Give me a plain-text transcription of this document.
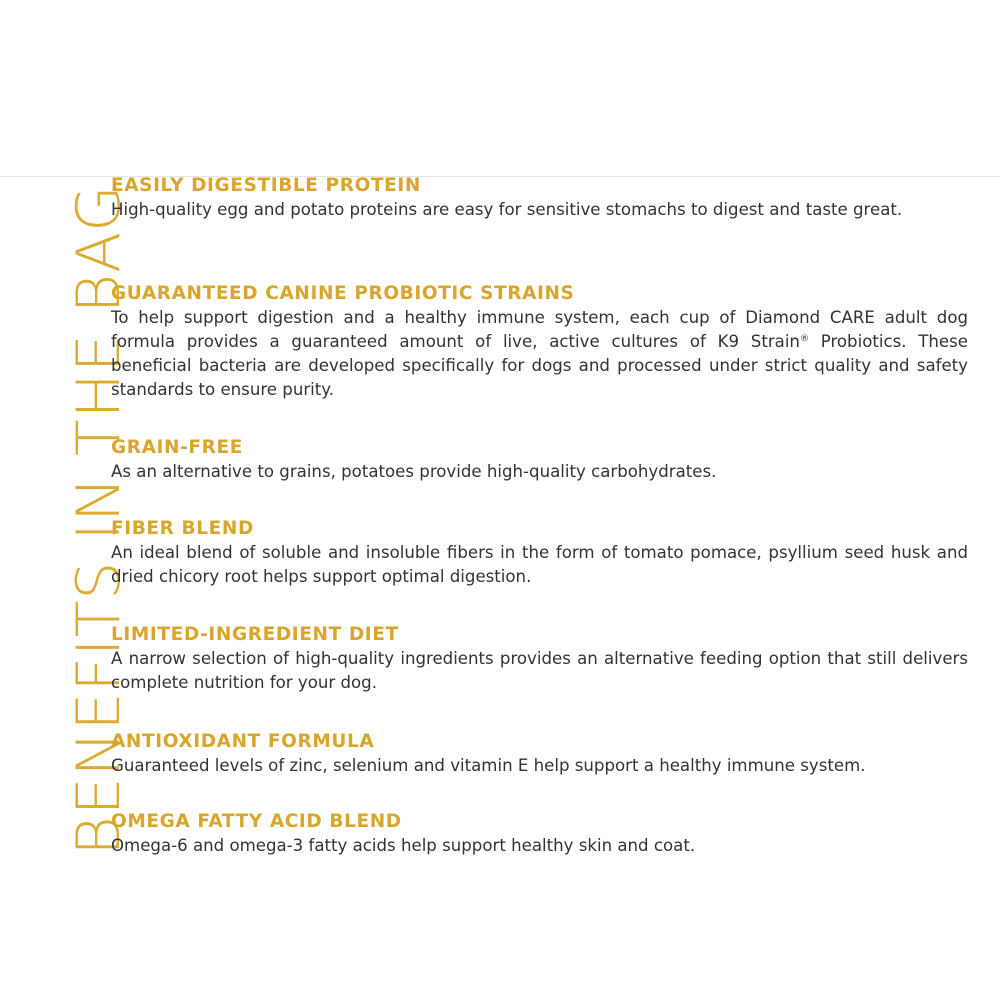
BENEFITS IN THE BAG
EASILY DIGESTIBLE PROTEIN
High-quality egg and potato proteins are easy for sensitive stomachs to digest and taste great.
GUARANTEED CANINE PROBIOTIC STRAINS
To help support digestion and a healthy immune system, each cup of Diamond CARE adult dog formula provides a guaranteed amount of live, active cultures of K9 Strain® Probiotics. These beneficial bacteria are developed specifically for dogs and processed under strict quality and safety standards to ensure purity.
GRAIN-FREE
As an alternative to grains, potatoes provide high-quality carbohydrates.
FIBER BLEND
An ideal blend of soluble and insoluble fibers in the form of tomato pomace, psyllium seed husk and dried chicory root helps support optimal digestion.
LIMITED-INGREDIENT DIET
A narrow selection of high-quality ingredients provides an alternative feeding option that still delivers complete nutrition for your dog.
ANTIOXIDANT FORMULA
Guaranteed levels of zinc, selenium and vitamin E help support a healthy immune system.
OMEGA FATTY ACID BLEND
Omega-6 and omega-3 fatty acids help support healthy skin and coat.
